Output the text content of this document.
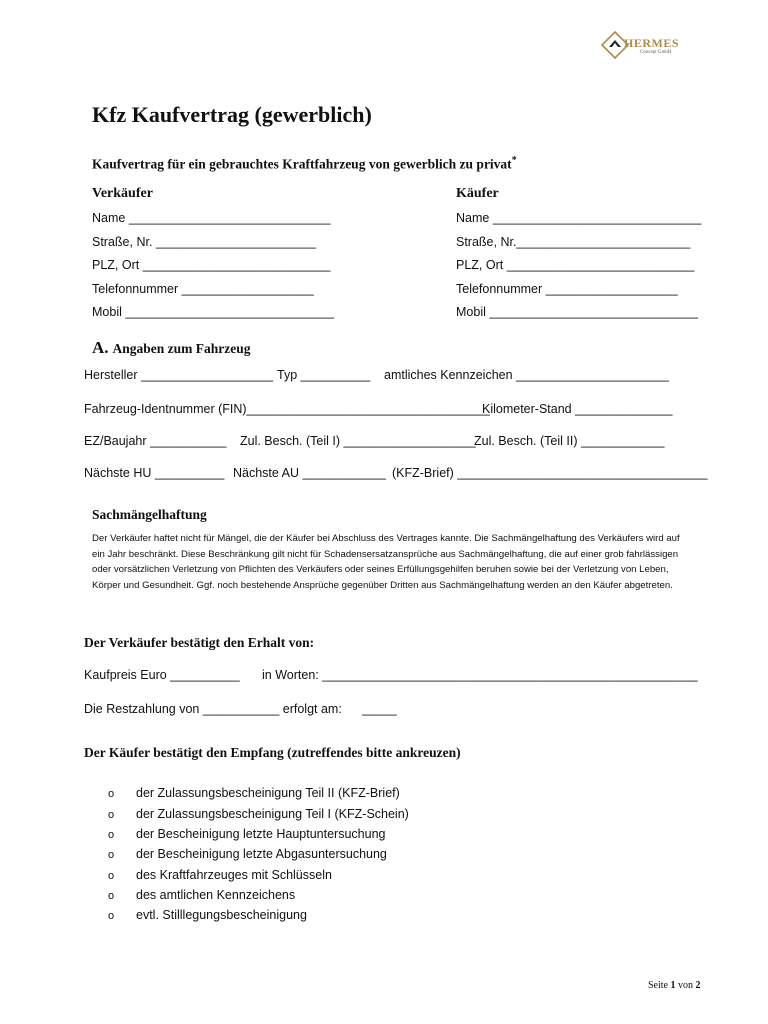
HERMES
Concept GmbH
Kfz Kaufvertrag (gewerblich)
Kaufvertrag für ein gebrauchtes Kraftfahrzeug von gewerblich zu privat*
Verkäufer	Käufer
Name _____________________________
Straße, Nr. _______________________
PLZ, Ort ___________________________
Telefonnummer ___________________
Mobil ______________________________
Name ______________________________
Straße, Nr._________________________
PLZ, Ort ___________________________
Telefonnummer ___________________
Mobil ______________________________
A. Angaben zum Fahrzeug
Hersteller ___________________ Typ __________ amtliches Kennzeichen ______________________
Fahrzeug-Identnummer (FIN)___________________________________
Kilometer-Stand ______________
EZ/Baujahr ___________ Zul. Besch. (Teil I) ___________________
Zul. Besch. (Teil II) ____________
Nächste HU __________ Nächste AU ____________ (KFZ-Brief) ____________________________________
Sachmängelhaftung
Der Verkäufer haftet nicht für Mängel, die der Käufer bei Abschluss des Vertrages kannte. Die Sachmängelhaftung des Verkäufers wird auf ein Jahr beschränkt. Diese Beschränkung gilt nicht für Schadensersatzansprüche aus Sachmängelhaftung, die auf einer grob fahrlässigen oder vorsätzlichen Verletzung von Pflichten des Verkäufers oder seines Erfüllungsgehilfen beruhen sowie bei der Verletzung von Leben, Körper und Gesundheit. Ggf. noch bestehende Ansprüche gegenüber Dritten aus Sachmängelhaftung werden an den Käufer abgetreten.
Der Verkäufer bestätigt den Erhalt von:
Kaufpreis Euro __________ in Worten: ______________________________________________________
Die Restzahlung von ___________ erfolgt am: _____
Der Käufer bestätigt den Empfang (zutreffendes bitte ankreuzen)
o der Zulassungsbescheinigung Teil II (KFZ-Brief)
o der Zulassungsbescheinigung Teil I (KFZ-Schein)
o der Bescheinigung letzte Hauptuntersuchung
o der Bescheinigung letzte Abgasuntersuchung
o des Kraftfahrzeuges mit Schlüsseln
o des amtlichen Kennzeichens
o evtl. Stilllegungsbescheinigung
Seite 1 von 2
